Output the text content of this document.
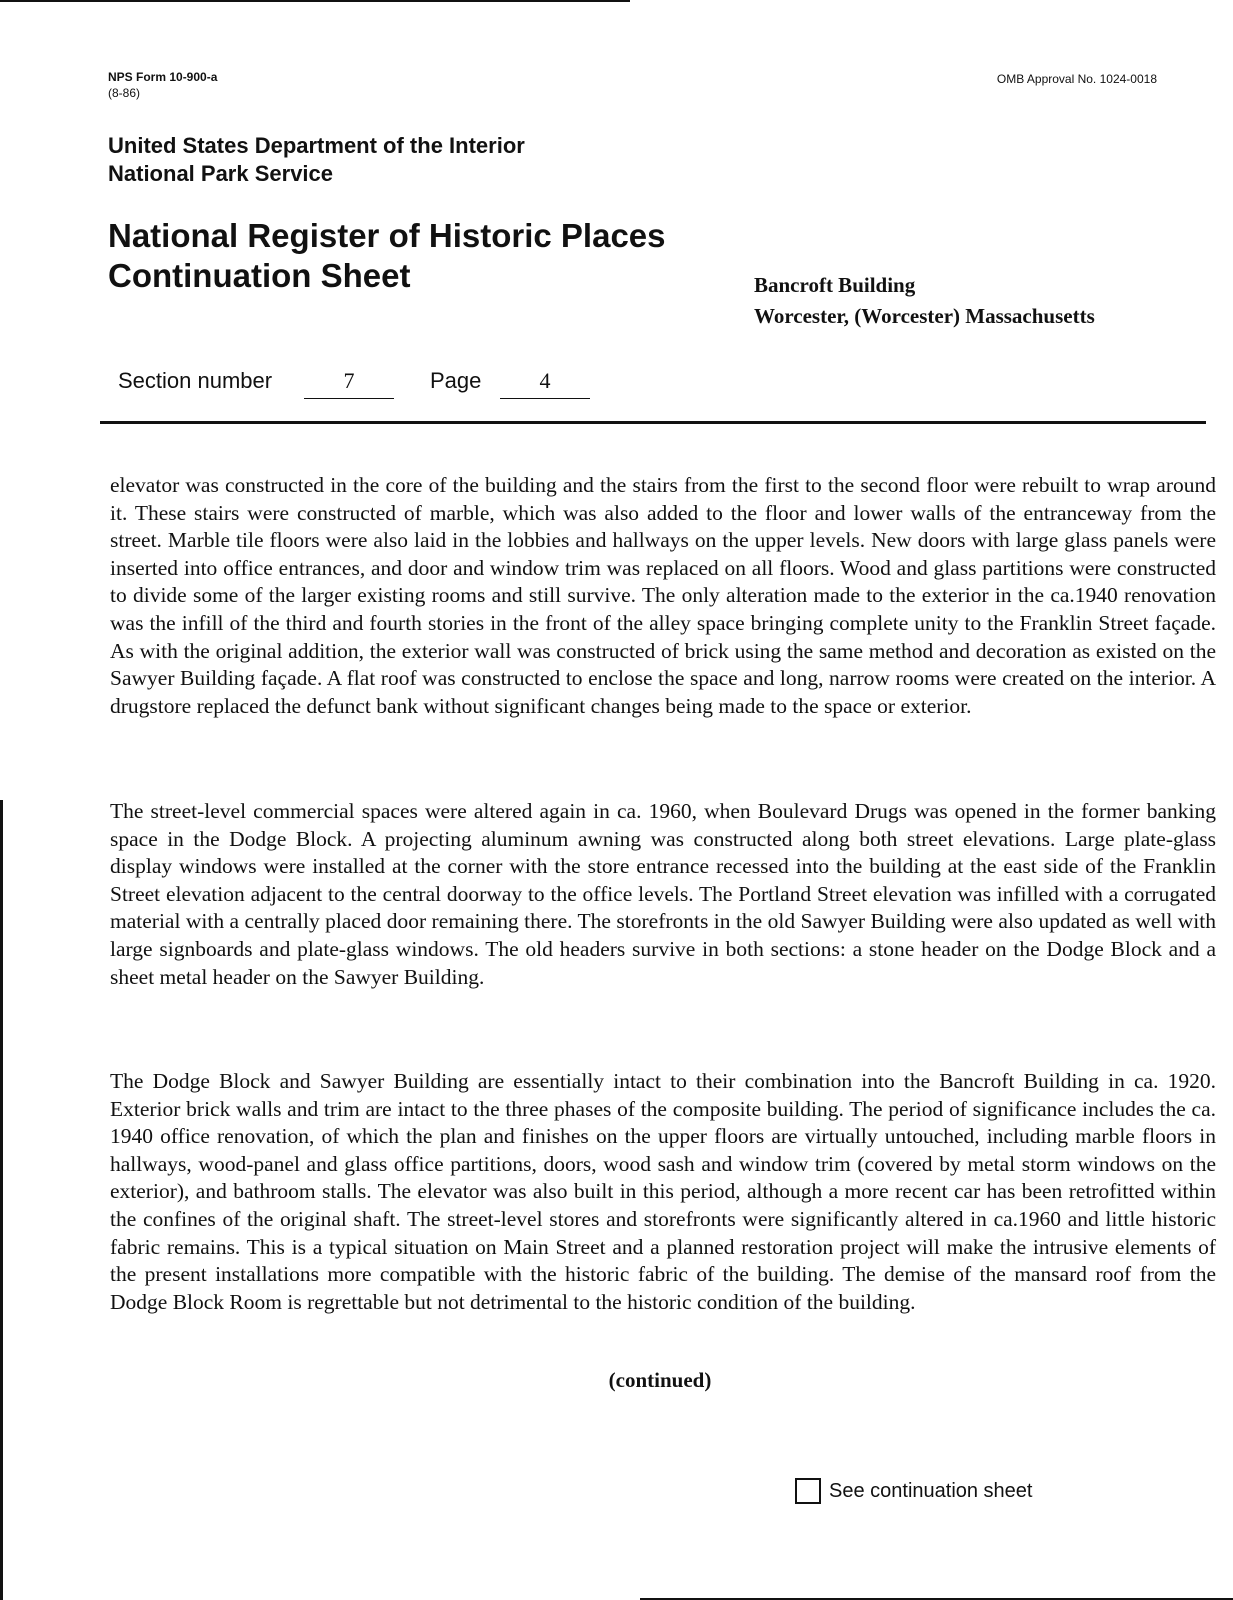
NPS Form 10-900-a
(8-86)
OMB Approval No. 1024-0018
United States Department of the Interior
National Park Service
National Register of Historic Places
Continuation Sheet	Bancroft Building
Worcester, (Worcester) Massachusetts
Section number	7	Page	4

elevator was constructed in the core of the building and the stairs from the first to the second floor were rebuilt to wrap around it. These stairs were constructed of marble, which was also added to the floor and lower walls of the entranceway from the street. Marble tile floors were also laid in the lobbies and hallways on the upper levels. New doors with large glass panels were inserted into office entrances, and door and window trim was replaced on all floors. Wood and glass partitions were constructed to divide some of the larger existing rooms and still survive. The only alteration made to the exterior in the ca.1940 renovation was the infill of the third and fourth stories in the front of the alley space bringing complete unity to the Franklin Street façade. As with the original addition, the exterior wall was constructed of brick using the same method and decoration as existed on the Sawyer Building façade. A flat roof was constructed to enclose the space and long, narrow rooms were created on the interior. A drugstore replaced the defunct bank without significant changes being made to the space or exterior.

The street-level commercial spaces were altered again in ca. 1960, when Boulevard Drugs was opened in the former banking space in the Dodge Block. A projecting aluminum awning was constructed along both street elevations. Large plate-glass display windows were installed at the corner with the store entrance recessed into the building at the east side of the Franklin Street elevation adjacent to the central doorway to the office levels. The Portland Street elevation was infilled with a corrugated material with a centrally placed door remaining there. The storefronts in the old Sawyer Building were also updated as well with large signboards and plate-glass windows. The old headers survive in both sections: a stone header on the Dodge Block and a sheet metal header on the Sawyer Building.

The Dodge Block and Sawyer Building are essentially intact to their combination into the Bancroft Building in ca. 1920. Exterior brick walls and trim are intact to the three phases of the composite building. The period of significance includes the ca. 1940 office renovation, of which the plan and finishes on the upper floors are virtually untouched, including marble floors in hallways, wood-panel and glass office partitions, doors, wood sash and window trim (covered by metal storm windows on the exterior), and bathroom stalls. The elevator was also built in this period, although a more recent car has been retrofitted within the confines of the original shaft. The street-level stores and storefronts were significantly altered in ca.1960 and little historic fabric remains. This is a typical situation on Main Street and a planned restoration project will make the intrusive elements of the present installations more compatible with the historic fabric of the building. The demise of the mansard roof from the Dodge Block Room is regrettable but not detrimental to the historic condition of the building.

(continued)
See continuation sheet
